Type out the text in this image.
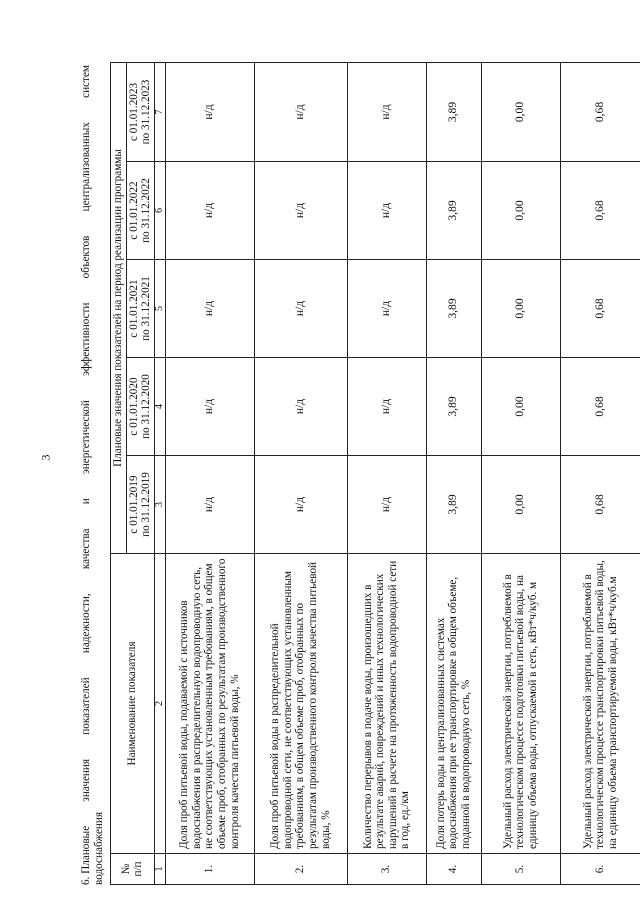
3
6. Плановые
значения
показателей
надежности,
качества
и
энергетической
эффективности
объектов
централизованных
систем
водоснабжения № п/п	Наименование показателя	Плановые значения показателей на период реализации программы				
		с 01.01.2019
по 31.12.2019	с 01.01.2020
по 31.12.2020	с 01.01.2021
по 31.12.2021	с 01.01.2022
по 31.12.2022	с 01.01.2023
по 31.12.2023
1	2	3	4	5	6	7
1.	Доля проб питьевой воды, подаваемой с источников водоснабжения в распределительную водопроводную сеть, не соответствующих установленным требованиям, в общем объеме проб, отобранных по результатам производственного контроля качества питьевой воды, %	н/д	н/д	н/д	н/д	н/д
2.	Доля проб питьевой воды в распределительной водопроводной сети, не соответствующих установленным требованиям, в общем объеме проб, отобранных по результатам производственного контроля качества питьевой воды, %	н/д	н/д	н/д	н/д	н/д
3.	Количество перерывов в подаче воды, произошедших в результате аварий, повреждений и иных технологических нарушений в расчете на протяженность водопроводной сети в год, ед./км	н/д	н/д	н/д	н/д	н/д
4.	Доля потерь воды в централизованных системах водоснабжения при ее транспортировке в общем объеме, поданной в водопроводную сеть, %	3,89	3,89	3,89	3,89	3,89
5.	Удельный расход электрической энергии, потребляемой в технологическом процессе подготовки питьевой воды, на единицу объема воды, отпускаемой в сеть, кВт*ч/куб. м	0,00	0,00	0,00	0,00	0,00
6.	Удельный расход электрической энергии, потребляемой в технологическом процессе транспортировки питьевой воды, на единицу объема транспортируемой воды, кВт*ч/куб.м	0,68	0,68	0,68	0,68	0,68
